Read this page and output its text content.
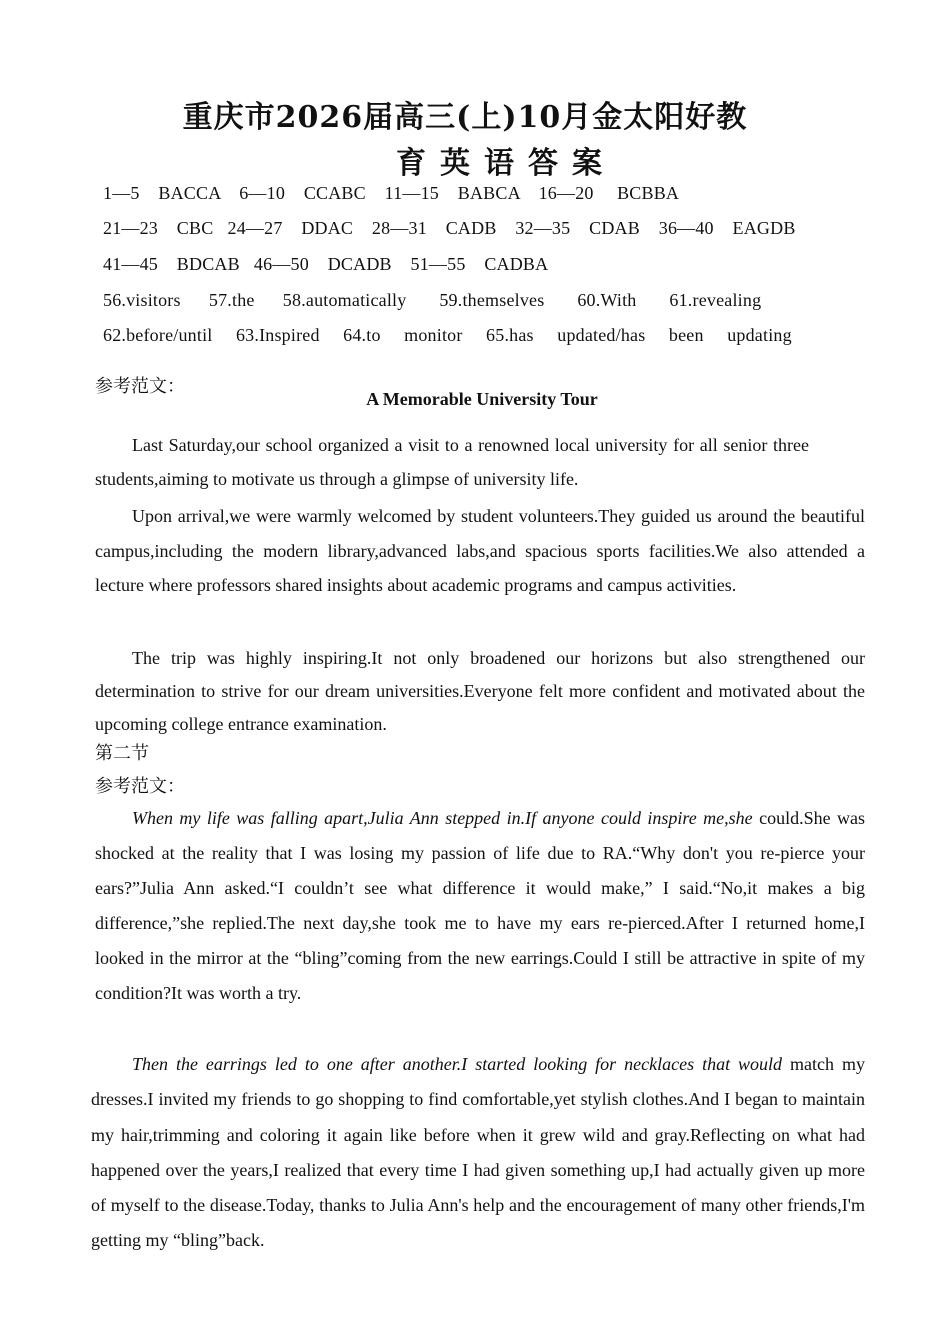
重庆市2026届高三(上)10月金太阳好教
育英语答案
1—5    BACCA    6—10    CCABC    11—15    BABCA    16—20     BCBBA
21—23    CBC   24—27    DDAC    28—31    CADB    32—35    CDAB    36—40    EAGDB
41—45    BDCAB   46—50    DCADB    51—55    CADBA
56.visitors      57.the      58.automatically       59.themselves       60.With       61.revealing
62.before/until     63.Inspired     64.to     monitor     65.has     updated/has     been     updating
参考范文：
A Memorable University Tour

Last Saturday,our school organized a visit to a renowned local university for all senior three students,aiming to motivate us through a glimpse of university life.

Upon arrival,we were warmly welcomed by student volunteers.They guided us around the beautiful campus,including the modern library,advanced labs,and spacious sports facilities.We also attended a lecture where professors shared insights about academic programs and campus activities.

The trip was highly inspiring.It not only broadened our horizons but also strengthened our determination to strive for our dream universities.Everyone felt more confident and motivated about the upcoming college entrance examination.

第二节
参考范文：

When my life was falling apart,Julia Ann stepped in.If anyone could inspire me,she could.She was shocked at the reality that I was losing my passion of life due to RA.“Why don't you re-pierce your ears?”Julia Ann asked.“I couldn’t see what difference it would make,” I said.“No,it makes a big difference,”she replied.The next day,she took me to have my ears re-pierced.After I returned home,I looked in the mirror at the “bling”coming from the new earrings.Could I still be attractive in spite of my condition?It was worth a try.

Then the earrings led to one after another.I started looking for necklaces that would match my dresses.I invited my friends to go shopping to find comfortable,yet stylish clothes.And I began to maintain my hair,trimming and coloring it again like before when it grew wild and gray.Reflecting on what had happened over the years,I realized that every time I had given something up,I had actually given up more of myself to the disease.Today, thanks to Julia Ann's help and the encouragement of many other friends,I'm getting my “bling”back.
